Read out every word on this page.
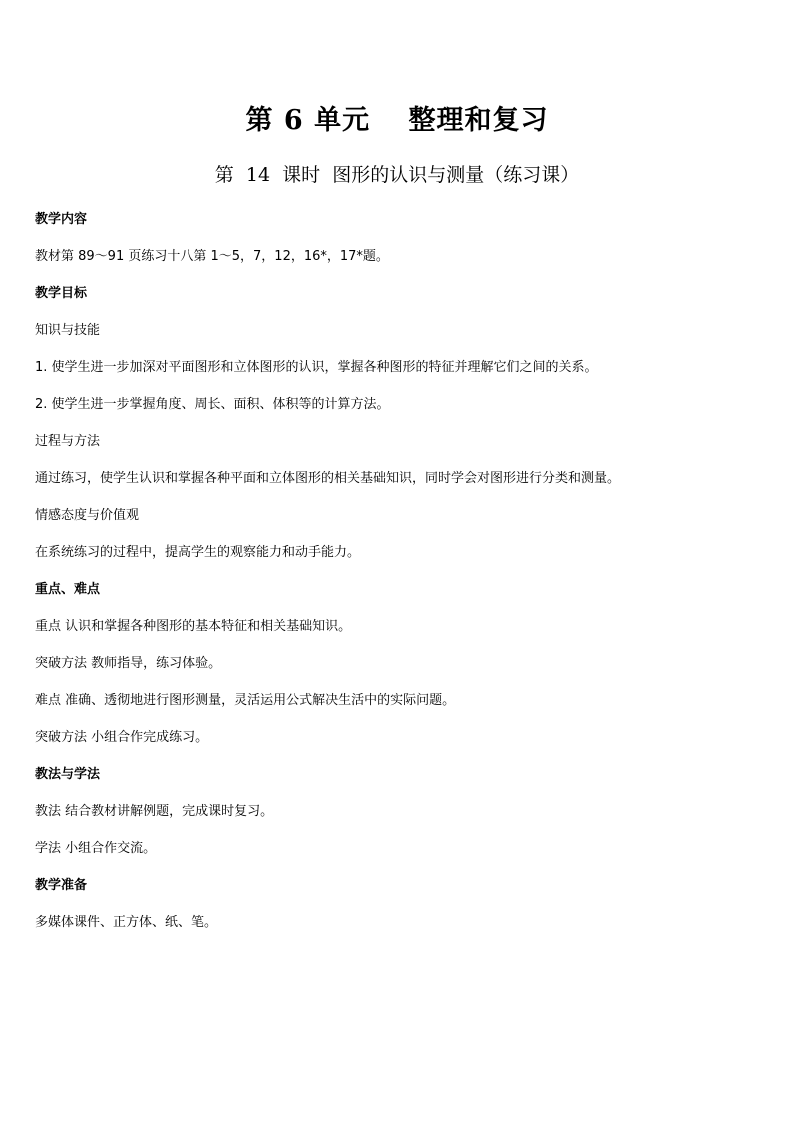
第 6 单元　 整理和复习
第  14  课时  图形的认识与测量（练习课）
教学内容
教材第 89～91 页练习十八第 1～5，7，12，16*，17*题。
教学目标
知识与技能
1. 使学生进一步加深对平面图形和立体图形的认识，掌握各种图形的特征并理解它们之间的关系。
2. 使学生进一步掌握角度、周长、面积、体积等的计算方法。
过程与方法
通过练习，使学生认识和掌握各种平面和立体图形的相关基础知识，同时学会对图形进行分类和测量。
情感态度与价值观
在系统练习的过程中，提高学生的观察能力和动手能力。
重点、难点
重点 认识和掌握各种图形的基本特征和相关基础知识。
突破方法 教师指导，练习体验。
难点 准确、透彻地进行图形测量，灵活运用公式解决生活中的实际问题。
突破方法 小组合作完成练习。
教法与学法
教法 结合教材讲解例题，完成课时复习。
学法 小组合作交流。
教学准备
多媒体课件、正方体、纸、笔。
